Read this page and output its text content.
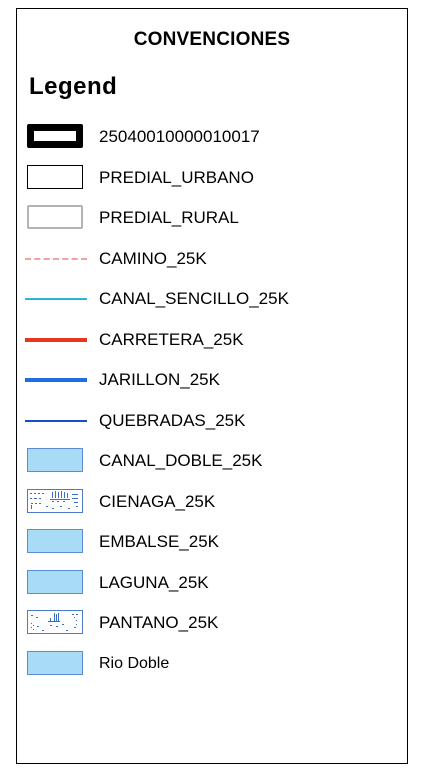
CONVENCIONES
Legend
25040010000010017
PREDIAL_URBANO
PREDIAL_RURAL
CAMINO_25K
CANAL_SENCILLO_25K
CARRETERA_25K
JARILLON_25K
QUEBRADAS_25K
CANAL_DOBLE_25K
CIENAGA_25K
EMBALSE_25K
LAGUNA_25K
PANTANO_25K
Rio Doble
